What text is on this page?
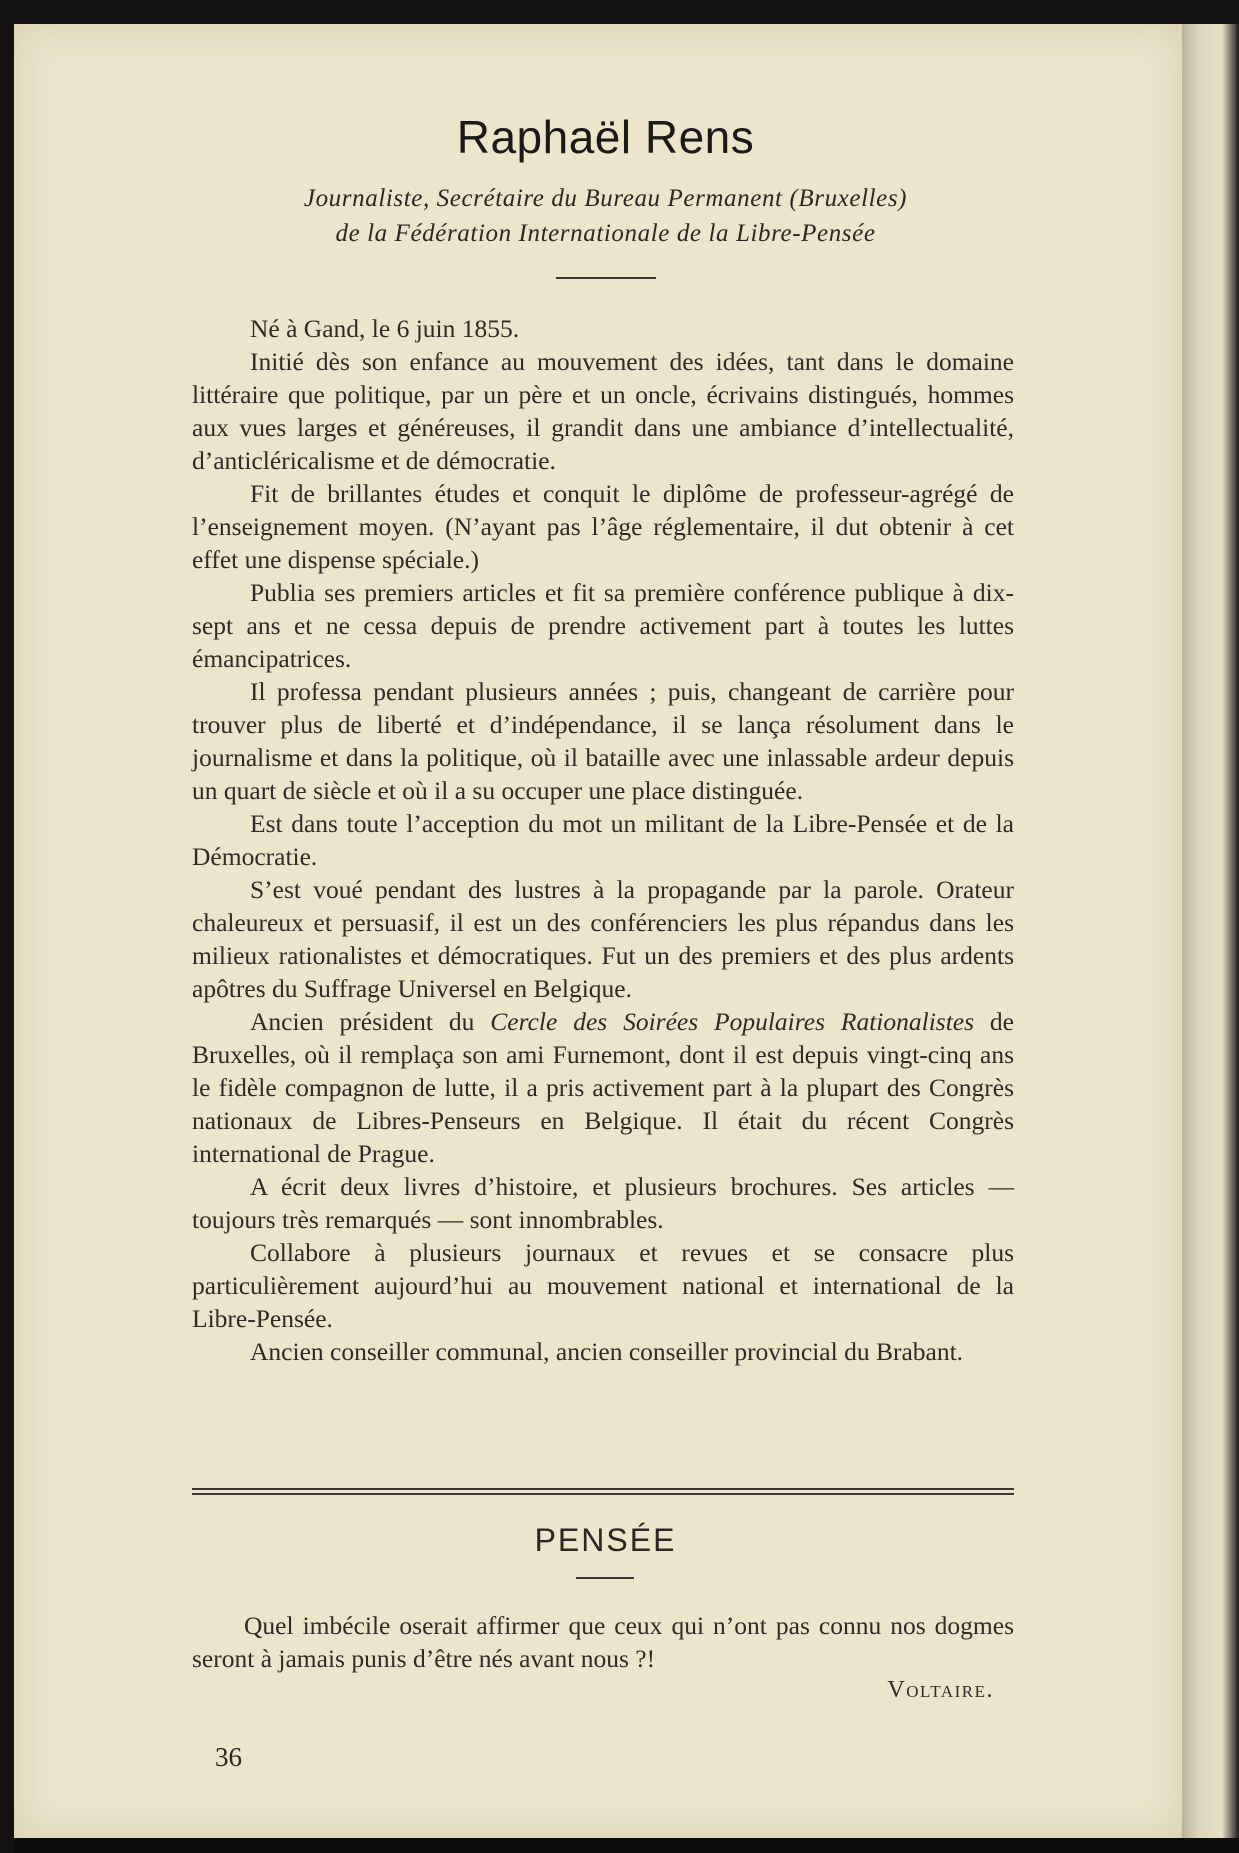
Raphaël Rens
Journaliste, Secrétaire du Bureau Permanent (Bruxelles)
de la Fédération Internationale de la Libre-Pensée

Né à Gand, le 6 juin 1855.

Initié dès son enfance au mouvement des idées, tant dans le domaine littéraire que politique, par un père et un oncle, écrivains distingués, hommes aux vues larges et généreuses, il grandit dans une ambiance d’intellectualité, d’anticléricalisme et de démocratie.

Fit de brillantes études et conquit le diplôme de professeur-agrégé de l’enseignement moyen. (N’ayant pas l’âge réglementaire, il dut obtenir à cet effet une dispense spéciale.)

Publia ses premiers articles et fit sa première conférence publique à dix-sept ans et ne cessa depuis de prendre activement part à toutes les luttes émancipatrices.

Il professa pendant plusieurs années ; puis, changeant de carrière pour trouver plus de liberté et d’indépendance, il se lança résolument dans le journalisme et dans la politique, où il bataille avec une inlassable ardeur depuis un quart de siècle et où il a su occuper une place distinguée.

Est dans toute l’acception du mot un militant de la Libre-Pensée et de la Démocratie.

S’est voué pendant des lustres à la propagande par la parole. Orateur chaleureux et persuasif, il est un des conférenciers les plus répandus dans les milieux rationalistes et démocratiques. Fut un des premiers et des plus ardents apôtres du Suffrage Universel en Belgique.

Ancien président du Cercle des Soirées Populaires Rationalistes de Bruxelles, où il remplaça son ami Furnemont, dont il est depuis vingt-cinq ans le fidèle compagnon de lutte, il a pris activement part à la plupart des Congrès nationaux de Libres-Penseurs en Belgique. Il était du récent Congrès international de Prague.

A écrit deux livres d’histoire, et plusieurs brochures. Ses articles — toujours très remarqués — sont innombrables.

Collabore à plusieurs journaux et revues et se consacre plus particulièrement aujourd’hui au mouvement national et international de la Libre-Pensée.

Ancien conseiller communal, ancien conseiller provincial du Brabant.

PENSÉE

Quel imbécile oserait affirmer que ceux qui n’ont pas connu nos dogmes seront à jamais punis d’être nés avant nous ?!

Voltaire.
36
